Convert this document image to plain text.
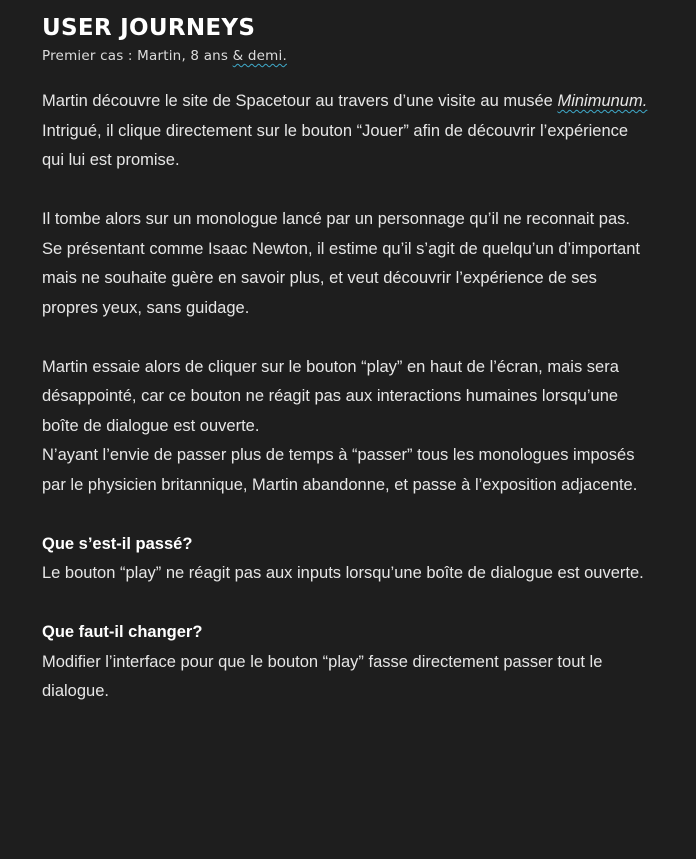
USER JOURNEYS

Premier cas : Martin, 8 ans & demi.

Martin découvre le site de Spacetour au travers d’une visite au musée Minimunum. Intrigué, il clique directement sur le bouton “Jouer” afin de découvrir l’expérience qui lui est promise.

Il tombe alors sur un monologue lancé par un personnage qu’il ne reconnait pas. Se présentant comme Isaac Newton, il estime qu’il s’agit de quelqu’un d’important mais ne souhaite guère en savoir plus, et veut découvrir l’expérience de ses propres yeux, sans guidage.

Martin essaie alors de cliquer sur le bouton “play” en haut de l’écran, mais sera désappointé, car ce bouton ne réagit pas aux interactions humaines lorsqu’une boîte de dialogue est ouverte.
N’ayant l’envie de passer plus de temps à “passer” tous les monologues imposés par le physicien britannique, Martin abandonne, et passe à l’exposition adjacente.

Que s’est-il passé?
Le bouton “play” ne réagit pas aux inputs lorsqu’une boîte de dialogue est ouverte.

Que faut-il changer?
Modifier l’interface pour que le bouton “play” fasse directement passer tout le dialogue.
